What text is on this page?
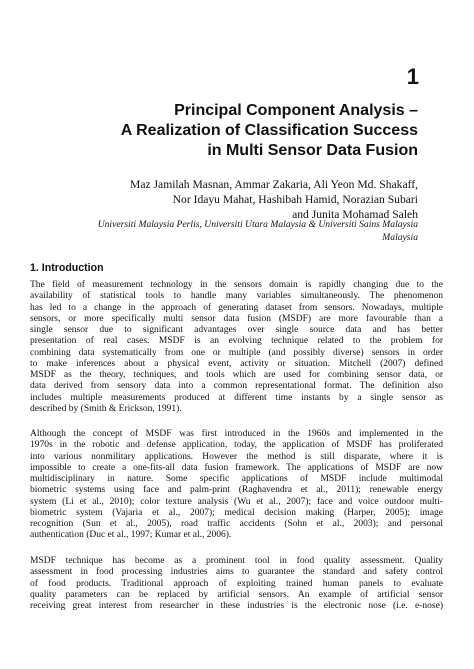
1
Principal Component Analysis –
A Realization of Classification Success
in Multi Sensor Data Fusion
Maz Jamilah Masnan, Ammar Zakaria, Ali Yeon Md. Shakaff,
Nor Idayu Mahat, Hashibah Hamid, Norazian Subari
and Junita Mohamad Saleh
Universiti Malaysia Perlis, Universiti Utara Malaysia & Universiti Sains Malaysia
Malaysia
1. Introduction
The field of measurement technology in the sensors domain is rapidly changing due to the
availability of statistical tools to handle many variables simultaneously. The phenomenon
has led to a change in the approach of generating dataset from sensors. Nowadays, multiple
sensors, or more specifically multi sensor data fusion (MSDF) are more favourable than a
single sensor due to significant advantages over single source data and has better
presentation of real cases. MSDF is an evolving technique related to the problem for
combining data systematically from one or multiple (and possibly diverse) sensors in order
to make inferences about a physical event, activity or situation. Mitchell (2007) defined
MSDF as the theory, techniques, and tools which are used for combining sensor data, or
data derived from sensory data into a common representational format. The definition also
includes multiple measurements produced at different time instants by a single sensor as
described by (Smith & Erickson, 1991).
Although the concept of MSDF was first introduced in the 1960s and implemented in the
1970s in the robotic and defense application, today, the application of MSDF has proliferated
into various nonmilitary applications. However the method is still disparate, where it is
impossible to create a one-fits-all data fusion framework. The applications of MSDF are now
multidisciplinary in nature. Some specific applications of MSDF include multimodal
biometric systems using face and palm-print (Raghavendra et al., 2011); renewable energy
system (Li et al., 2010); color texture analysis (Wu et al., 2007); face and voice outdoor multi-
biometric system (Vajaria et al., 2007); medical decision making (Harper, 2005); image
recognition (Sun et al., 2005), road traffic accidents (Sohn et al., 2003); and personal
authentication (Duc et al., 1997; Kumar et al., 2006).
MSDF technique has become as a prominent tool in food quality assessment. Quality
assessment in food processing industries aims to guarantee the standard and safety control
of food products. Traditional approach of exploiting trained human panels to evaluate
quality parameters can be replaced by artificial sensors. An example of artificial sensor
receiving great interest from researcher in these industries is the electronic nose (i.e. e-nose)
